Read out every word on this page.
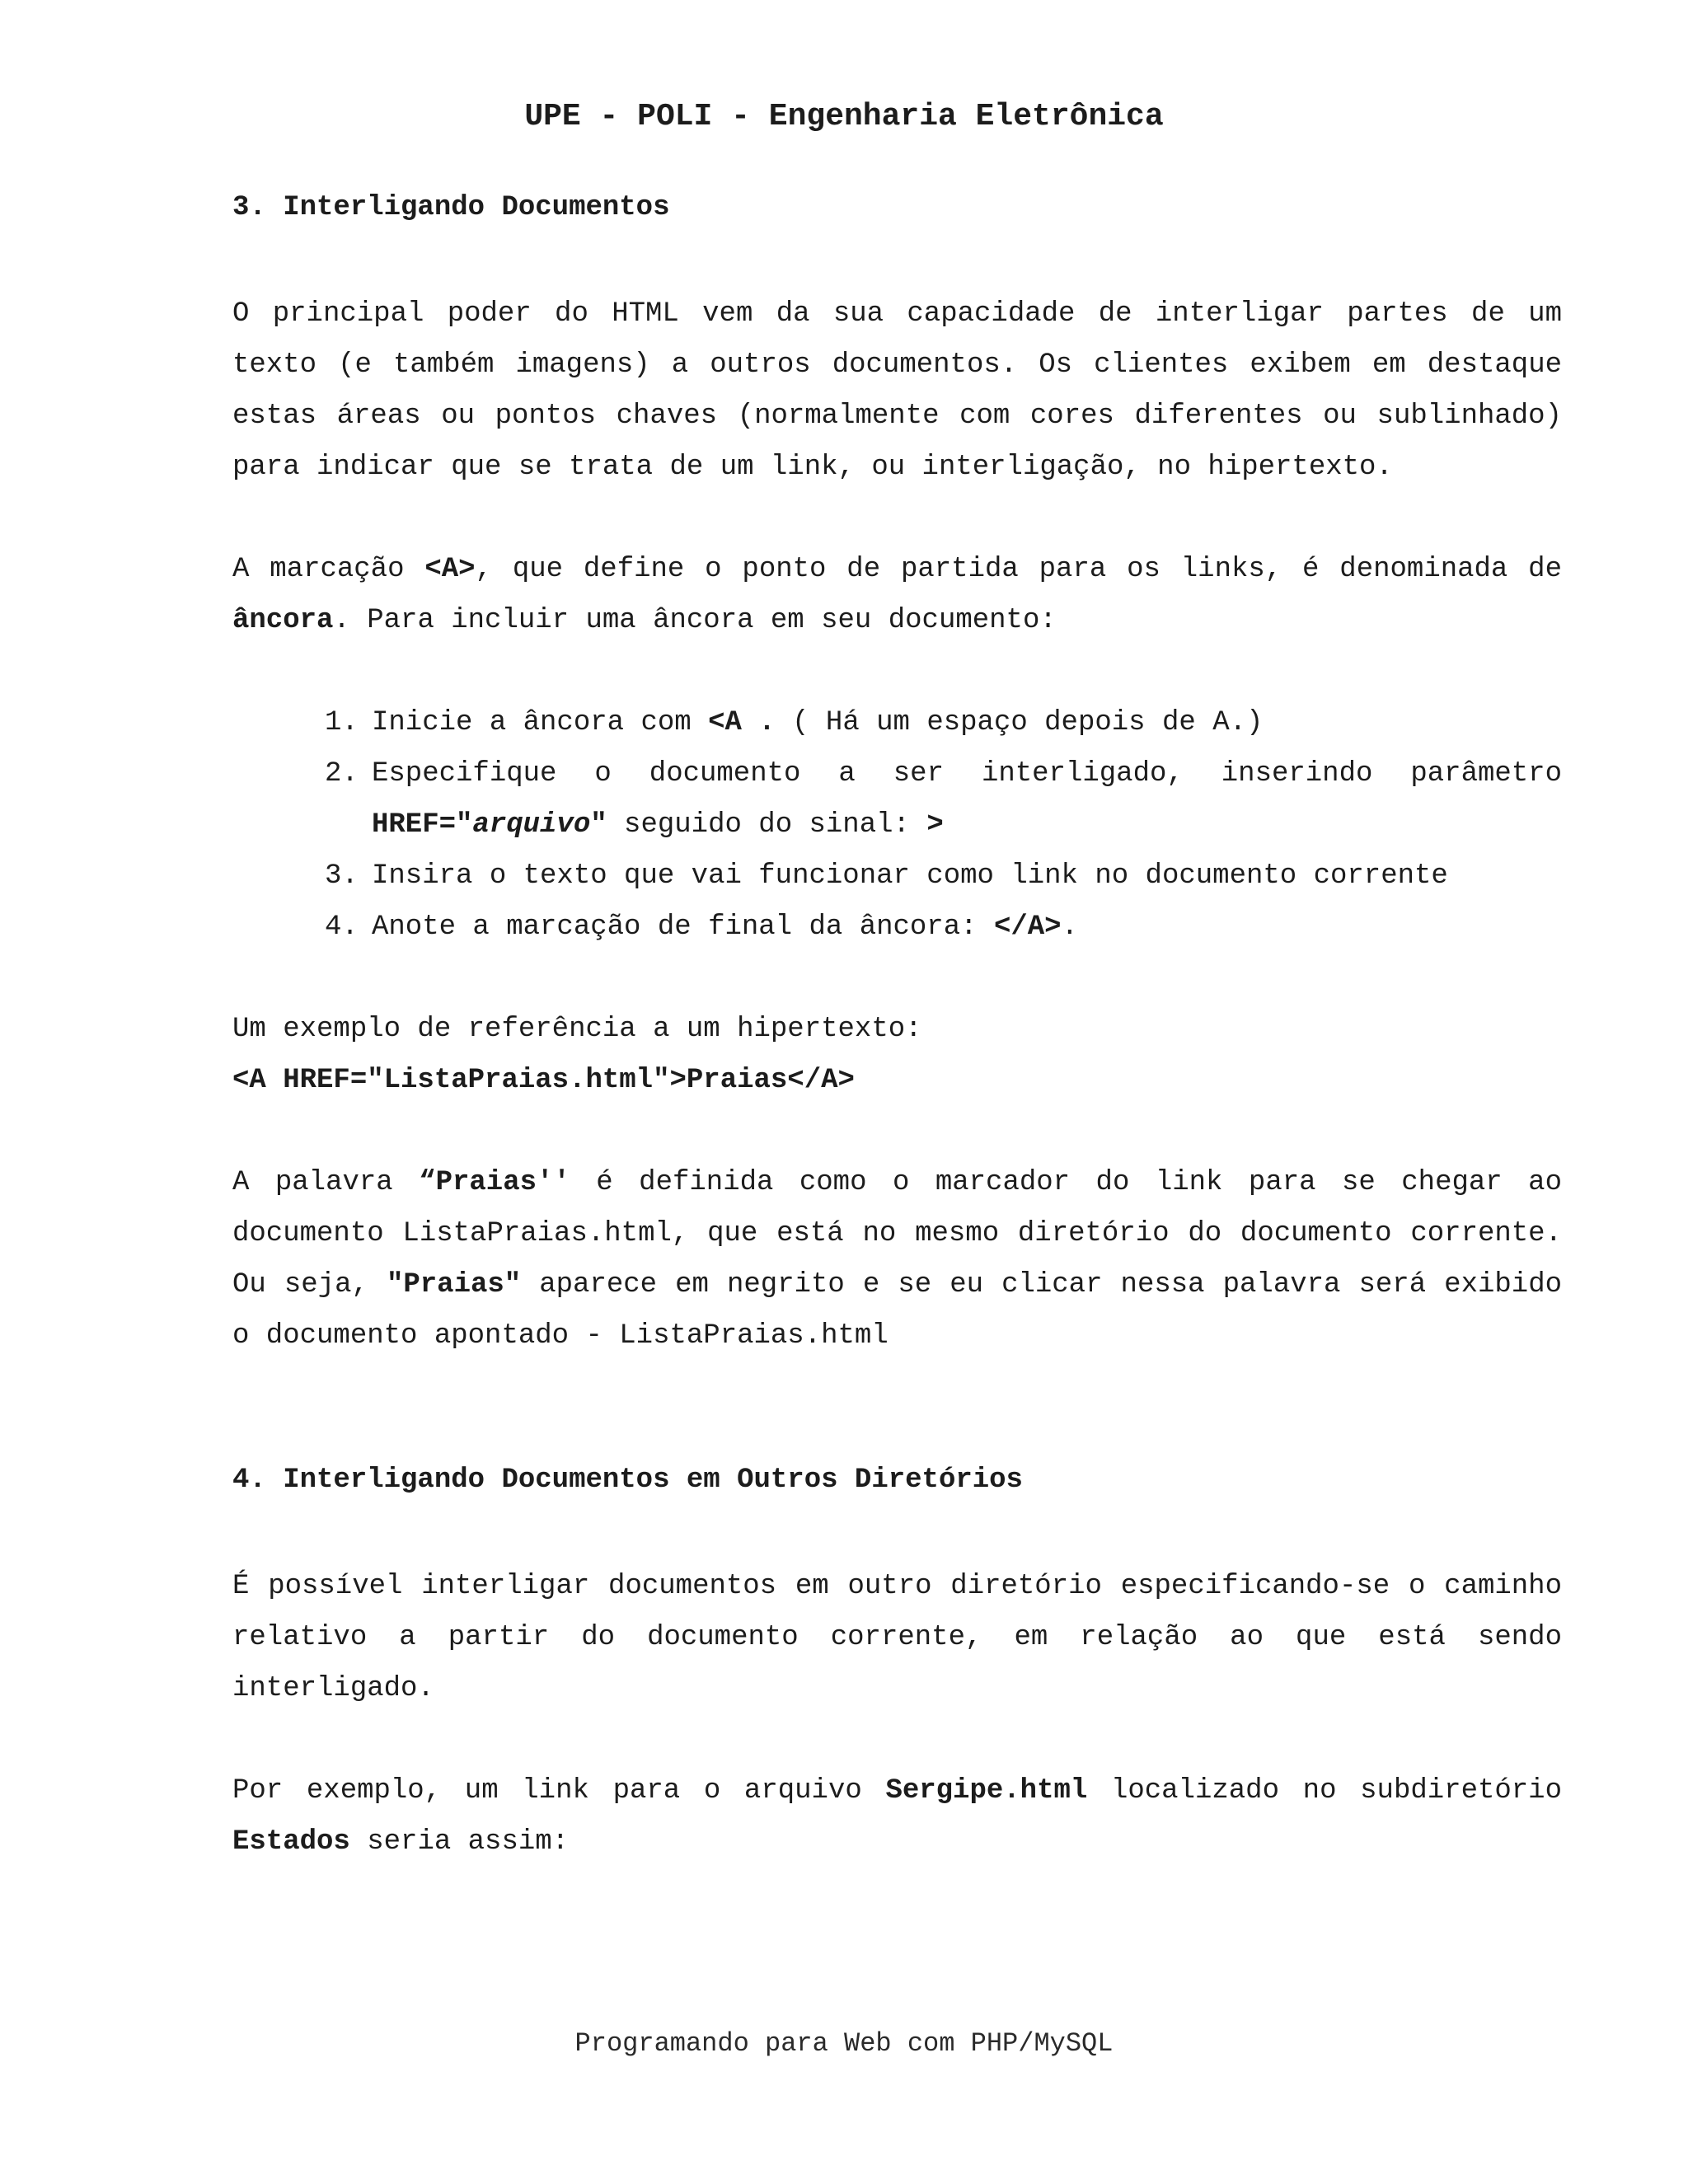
UPE - POLI - Engenharia Eletrônica
3. Interligando Documentos

O principal poder do HTML vem da sua capacidade de interligar partes de um texto (e também imagens) a outros documentos. Os clientes exibem em destaque estas áreas ou pontos chaves (normalmente com cores diferentes ou sublinhado) para indicar que se trata de um link, ou interligação, no hipertexto.

A marcação <A>, que define o ponto de partida para os links, é denominada de âncora. Para incluir uma âncora em seu documento:

1. Inicie a âncora com <A . ( Há um espaço depois de A.)
2. Especifique o documento a ser interligado, inserindo parâmetro HREF="arquivo" seguido do sinal: >
3. Insira o texto que vai funcionar como link no documento corrente
4. Anote a marcação de final da âncora: </A>.

Um exemplo de referência a um hipertexto:

<A HREF="ListaPraias.html">Praias</A>

A palavra “Praias'' é definida como o marcador do link para se chegar ao documento ListaPraias.html, que está no mesmo diretório do documento corrente. Ou seja, "Praias" aparece em negrito e se eu clicar nessa palavra será exibido o documento apontado - ListaPraias.html

4. Interligando Documentos em Outros Diretórios

É possível interligar documentos em outro diretório especificando-se o caminho relativo a partir do documento corrente, em relação ao que está sendo interligado.

Por exemplo, um link para o arquivo Sergipe.html localizado no subdiretório Estados seria assim:

Programando para Web com PHP/MySQL
